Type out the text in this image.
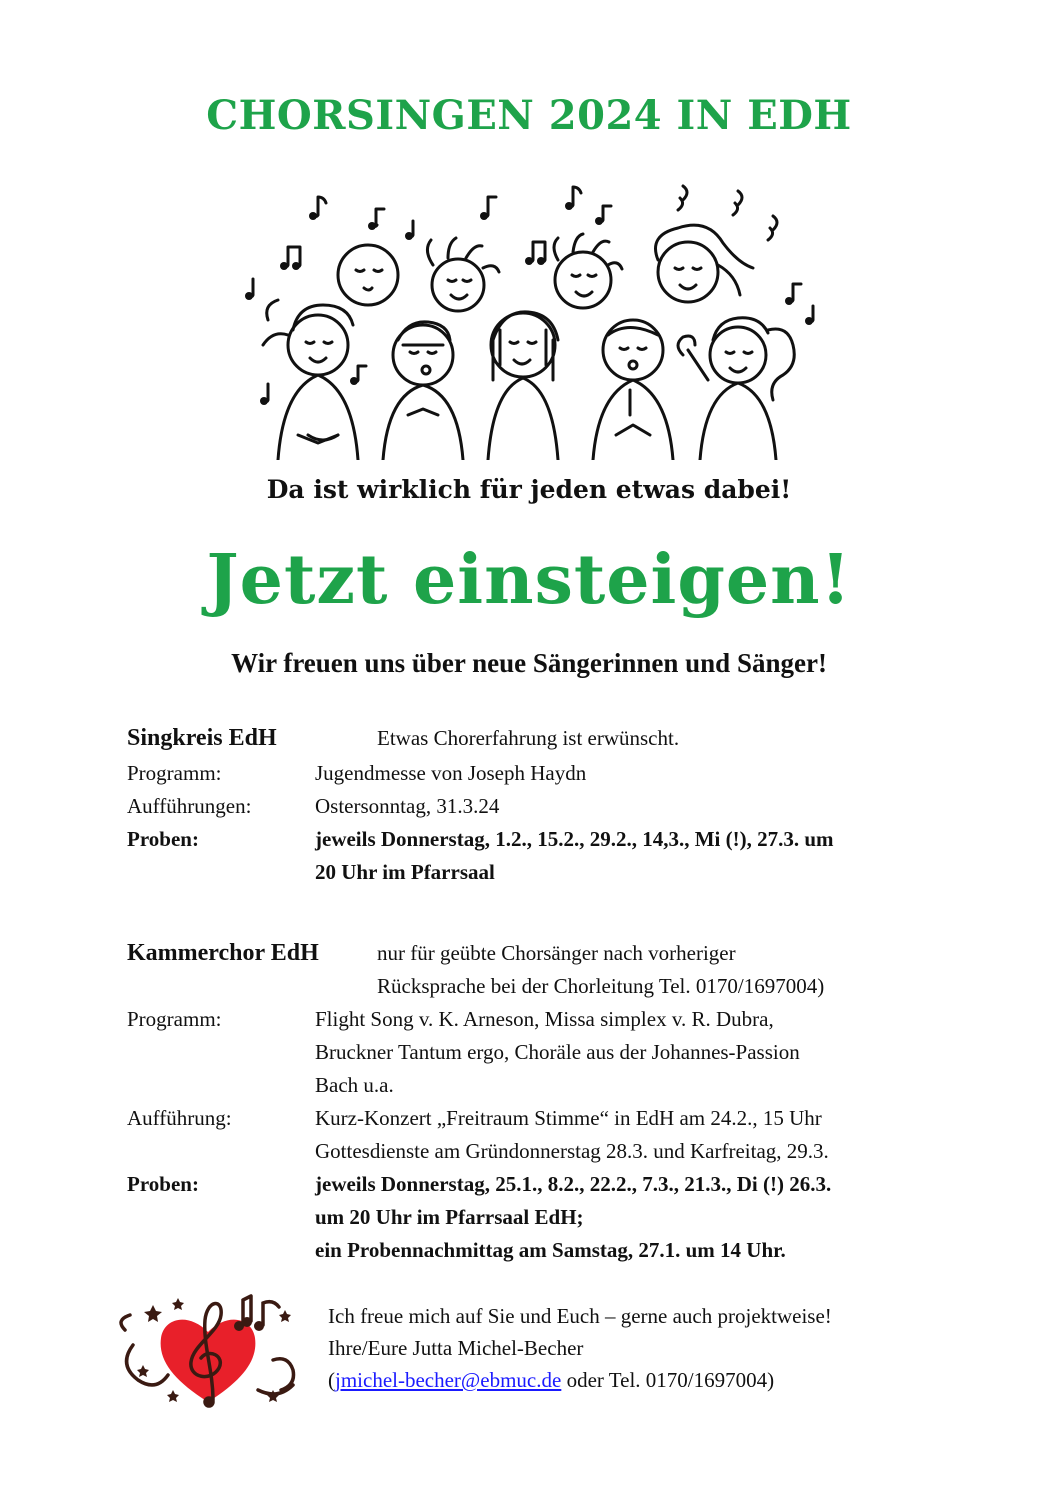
CHORSINGEN 2024 IN EDH
Da ist wirklich für jeden etwas dabei!
Jetzt einsteigen!
Wir freuen uns über neue Sängerinnen und Sänger!
Singkreis EdH	Etwas Chorerfahrung ist erwünscht.
Programm:	Jugendmesse von Joseph Haydn
Aufführungen:	Ostersonntag, 31.3.24
Proben:	jeweils Donnerstag, 1.2., 15.2., 29.2., 14,3., Mi (!), 27.3. um
20 Uhr im Pfarrsaal
Kammerchor EdH	nur für geübte Chorsänger nach vorheriger
Rücksprache bei der Chorleitung Tel. 0170/1697004)
Programm:	Flight Song v. K. Arneson, Missa simplex v. R. Dubra,
Bruckner Tantum ergo, Choräle aus der Johannes-Passion
Bach u.a.
Aufführung:	Kurz-Konzert „Freitraum Stimme“ in EdH am 24.2., 15 Uhr
Gottesdienste am Gründonnerstag 28.3. und Karfreitag, 29.3.
Proben:	jeweils Donnerstag, 25.1., 8.2., 22.2., 7.3., 21.3., Di (!) 26.3.
um 20 Uhr im Pfarrsaal EdH;
ein Probennachmittag am Samstag, 27.1. um 14 Uhr.
Ich freue mich auf Sie und Euch – gerne auch projektweise!
Ihre/Eure Jutta Michel-Becher
(jmichel-becher@ebmuc.de oder Tel. 0170/1697004)
